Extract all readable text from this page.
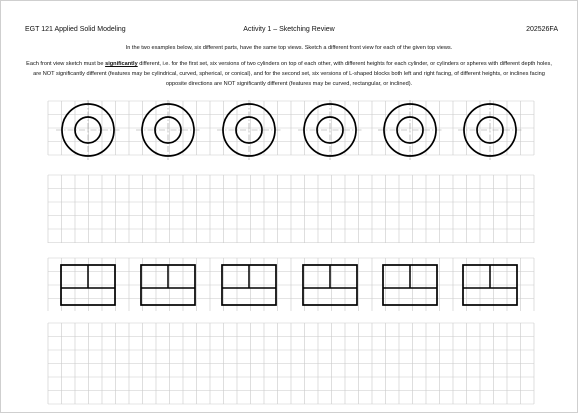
EGT 121 Applied Solid Modeling	Activity 1 – Sketching Review	202526FA
In the two examples below, six different parts, have the same top views. Sketch a different front view for each of the given top views.
Each front view sketch must be significantly different, i.e. for the first set, six versions of two cylinders on top of each other, with different heights for each cylinder, or cylinders or spheres with different depth holes, are NOT significantly different (features may be cylindrical, curved, spherical, or conical), and for the second set, six versions of L-shaped blocks both left and right facing, of different heights, or inclines facing opposite directions are NOT significantly different (features may be curved, rectangular, or inclined).
